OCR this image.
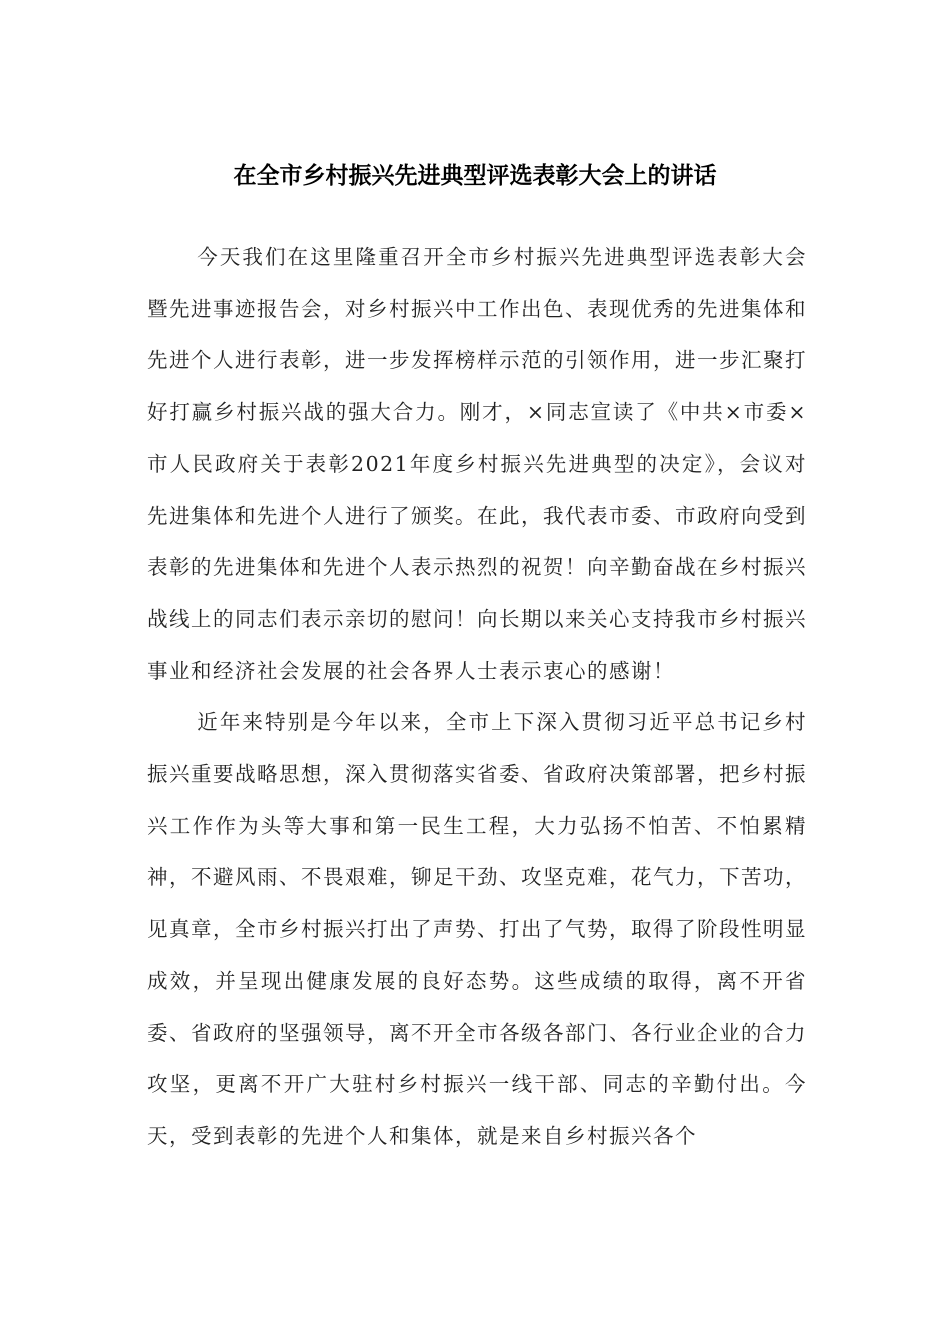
在全市乡村振兴先进典型评选表彰大会上的讲话

今天我们在这里隆重召开全市乡村振兴先进典型评选表彰大会暨先进事迹报告会，对乡村振兴中工作出色、表现优秀的先进集体和先进个人进行表彰，进一步发挥榜样示范的引领作用，进一步汇聚打好打赢乡村振兴战的强大合力。刚才，×同志宣读了《中共×市委×市人民政府关于表彰2021年度乡村振兴先进典型的决定》，会议对先进集体和先进个人进行了颁奖。在此，我代表市委、市政府向受到表彰的先进集体和先进个人表示热烈的祝贺！向辛勤奋战在乡村振兴战线上的同志们表示亲切的慰问！向长期以来关心支持我市乡村振兴事业和经济社会发展的社会各界人士表示衷心的感谢！

近年来特别是今年以来，全市上下深入贯彻习近平总书记乡村振兴重要战略思想，深入贯彻落实省委、省政府决策部署，把乡村振兴工作作为头等大事和第一民生工程，大力弘扬不怕苦、不怕累精神，不避风雨、不畏艰难，铆足干劲、攻坚克难，花气力，下苦功，见真章，全市乡村振兴打出了声势、打出了气势，取得了阶段性明显成效，并呈现出健康发展的良好态势。这些成绩的取得，离不开省委、省政府的坚强领导，离不开全市各级各部门、各行业企业的合力攻坚，更离不开广大驻村乡村振兴一线干部、同志的辛勤付出。今天，受到表彰的先进个人和集体，就是来自乡村振兴各个
